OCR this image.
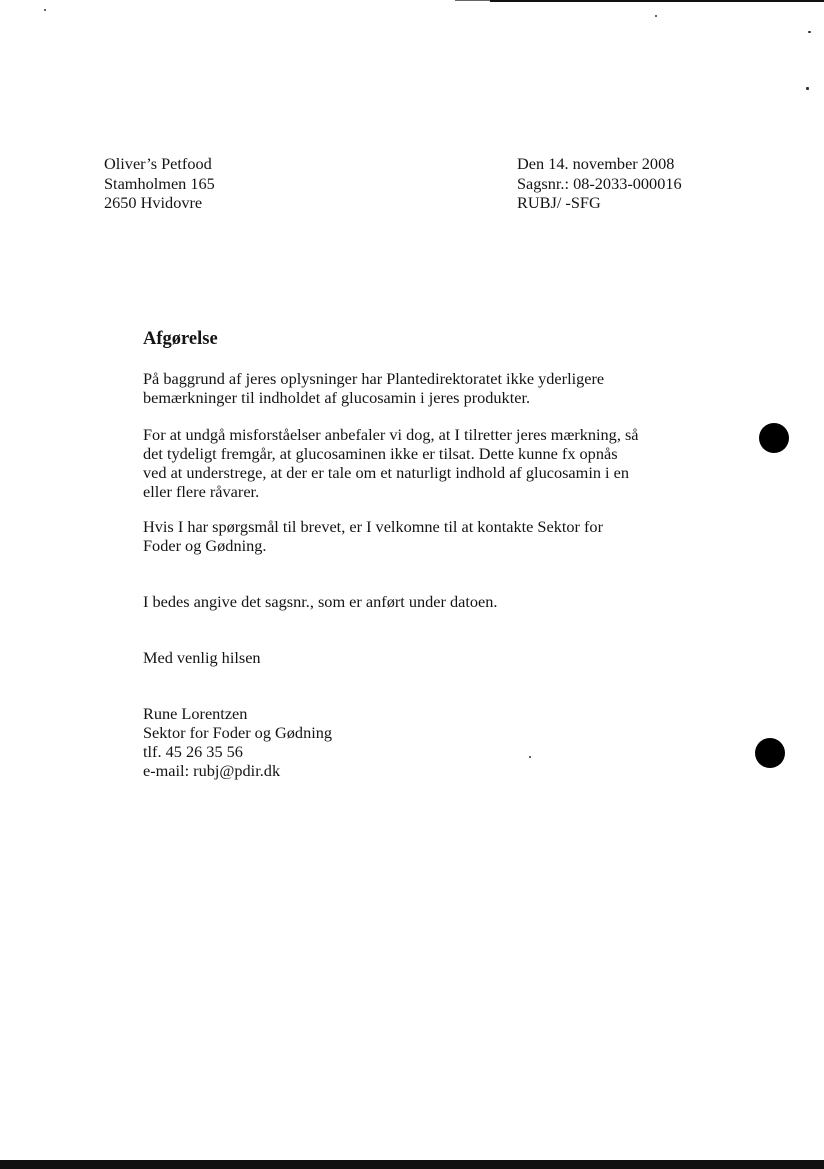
Oliver’s Petfood
Stamholmen 165
2650 Hvidovre
Den 14. november 2008
Sagsnr.: 08-2033-000016
RUBJ/ -SFG
Afgørelse
På baggrund af jeres oplysninger har Plantedirektoratet ikke yderligere
bemærkninger til indholdet af glucosamin i jeres produkter.
For at undgå misforståelser anbefaler vi dog, at I tilretter jeres mærkning, så
det tydeligt fremgår, at glucosaminen ikke er tilsat. Dette kunne fx opnås
ved at understrege, at der er tale om et naturligt indhold af glucosamin i en
eller flere råvarer.
Hvis I har spørgsmål til brevet, er I velkomne til at kontakte Sektor for
Foder og Gødning.
I bedes angive det sagsnr., som er anført under datoen.
Med venlig hilsen
Rune Lorentzen
Sektor for Foder og Gødning
tlf. 45 26 35 56
e-mail: rubj@pdir.dk
